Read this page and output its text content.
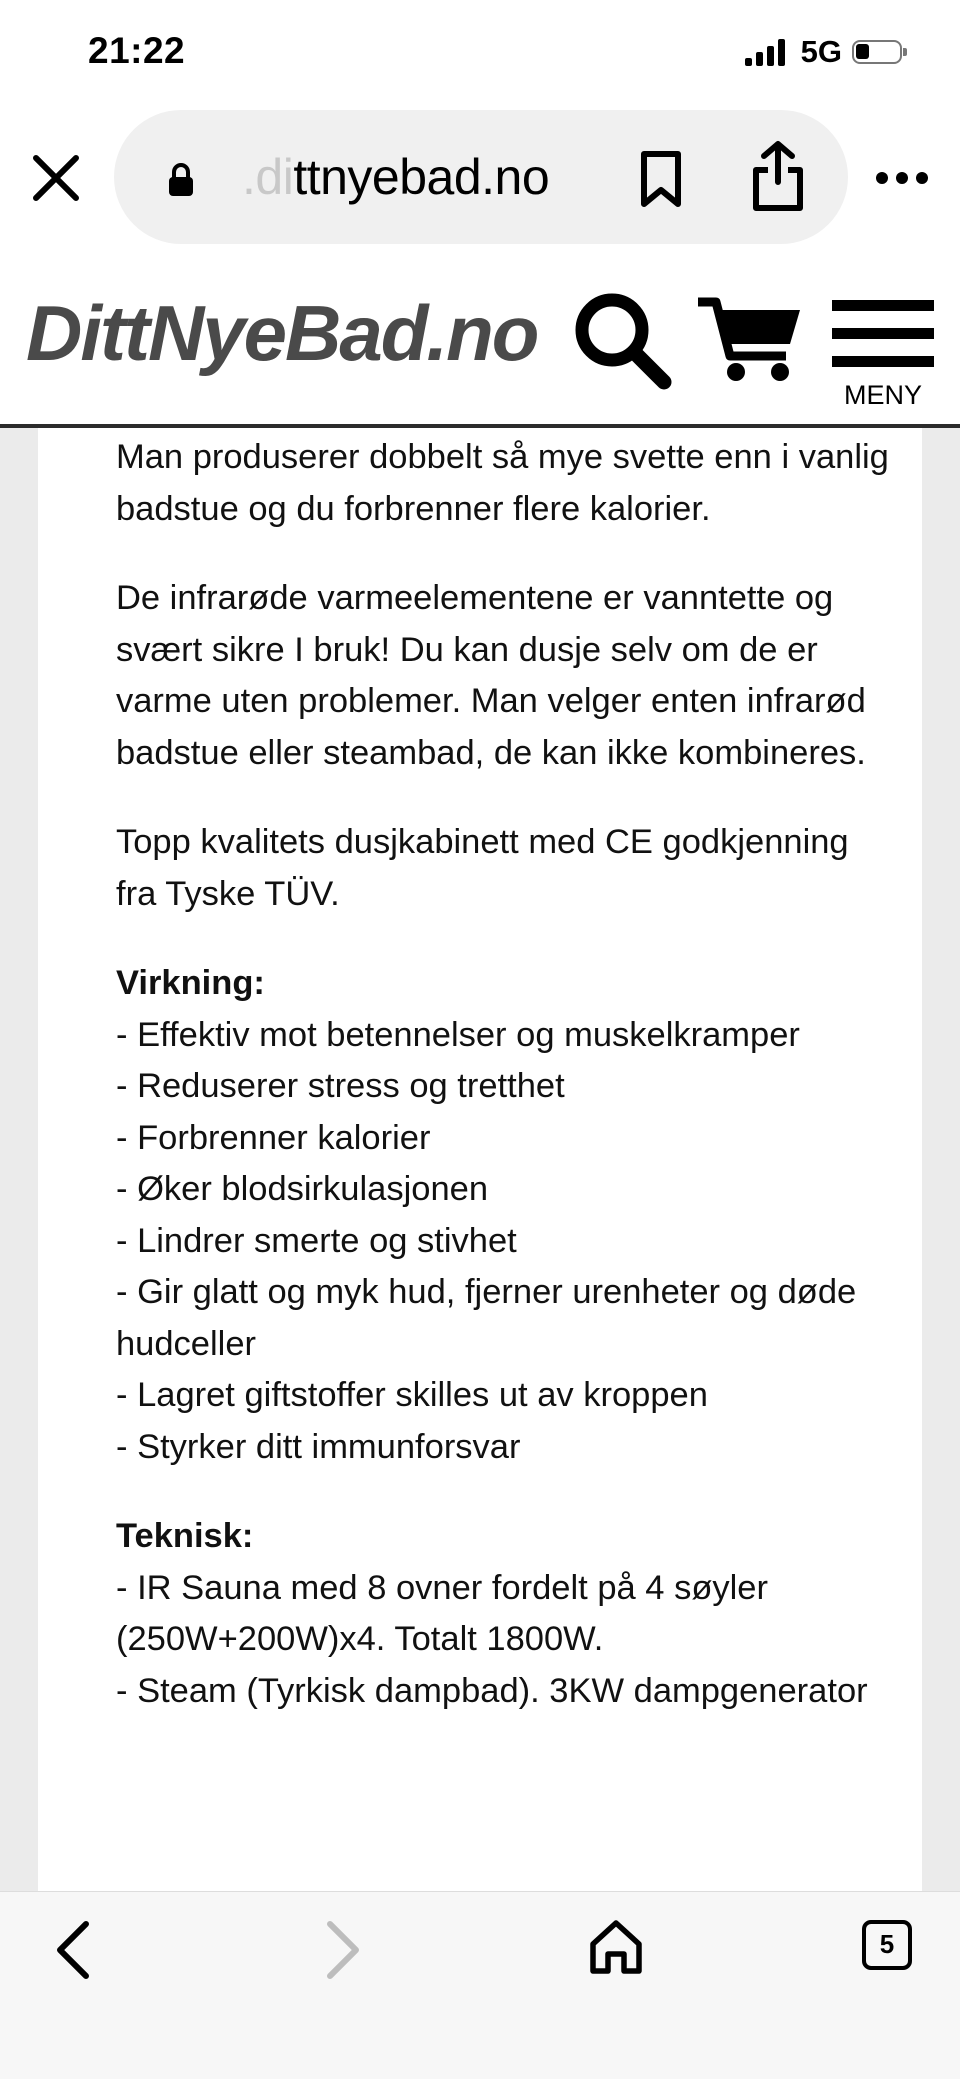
21:22	5G
.dittnyebad.no
DittNyeBad.no
MENY

Man produserer dobbelt så mye svette enn i vanlig badstue og du forbrenner flere kalorier.

De infrarøde varmeelementene er vanntette og svært sikre I bruk! Du kan dusje selv om de er varme uten problemer. Man velger enten infrarød badstue eller steambad, de kan ikke kombineres.

Topp kvalitets dusjkabinett med CE godkjenning fra Tyske TÜV.

Virkning:
- Effektiv mot betennelser og muskelkramper
- Reduserer stress og tretthet
- Forbrenner kalorier
- Øker blodsirkulasjonen
- Lindrer smerte og stivhet
- Gir glatt og myk hud, fjerner urenheter og døde hudceller
- Lagret giftstoffer skilles ut av kroppen
- Styrker ditt immunforsvar

Teknisk:
- IR Sauna med 8 ovner fordelt på 4 søyler (250W+200W)x4. Totalt 1800W.
- Steam (Tyrkisk dampbad). 3KW dampgenerator

5
